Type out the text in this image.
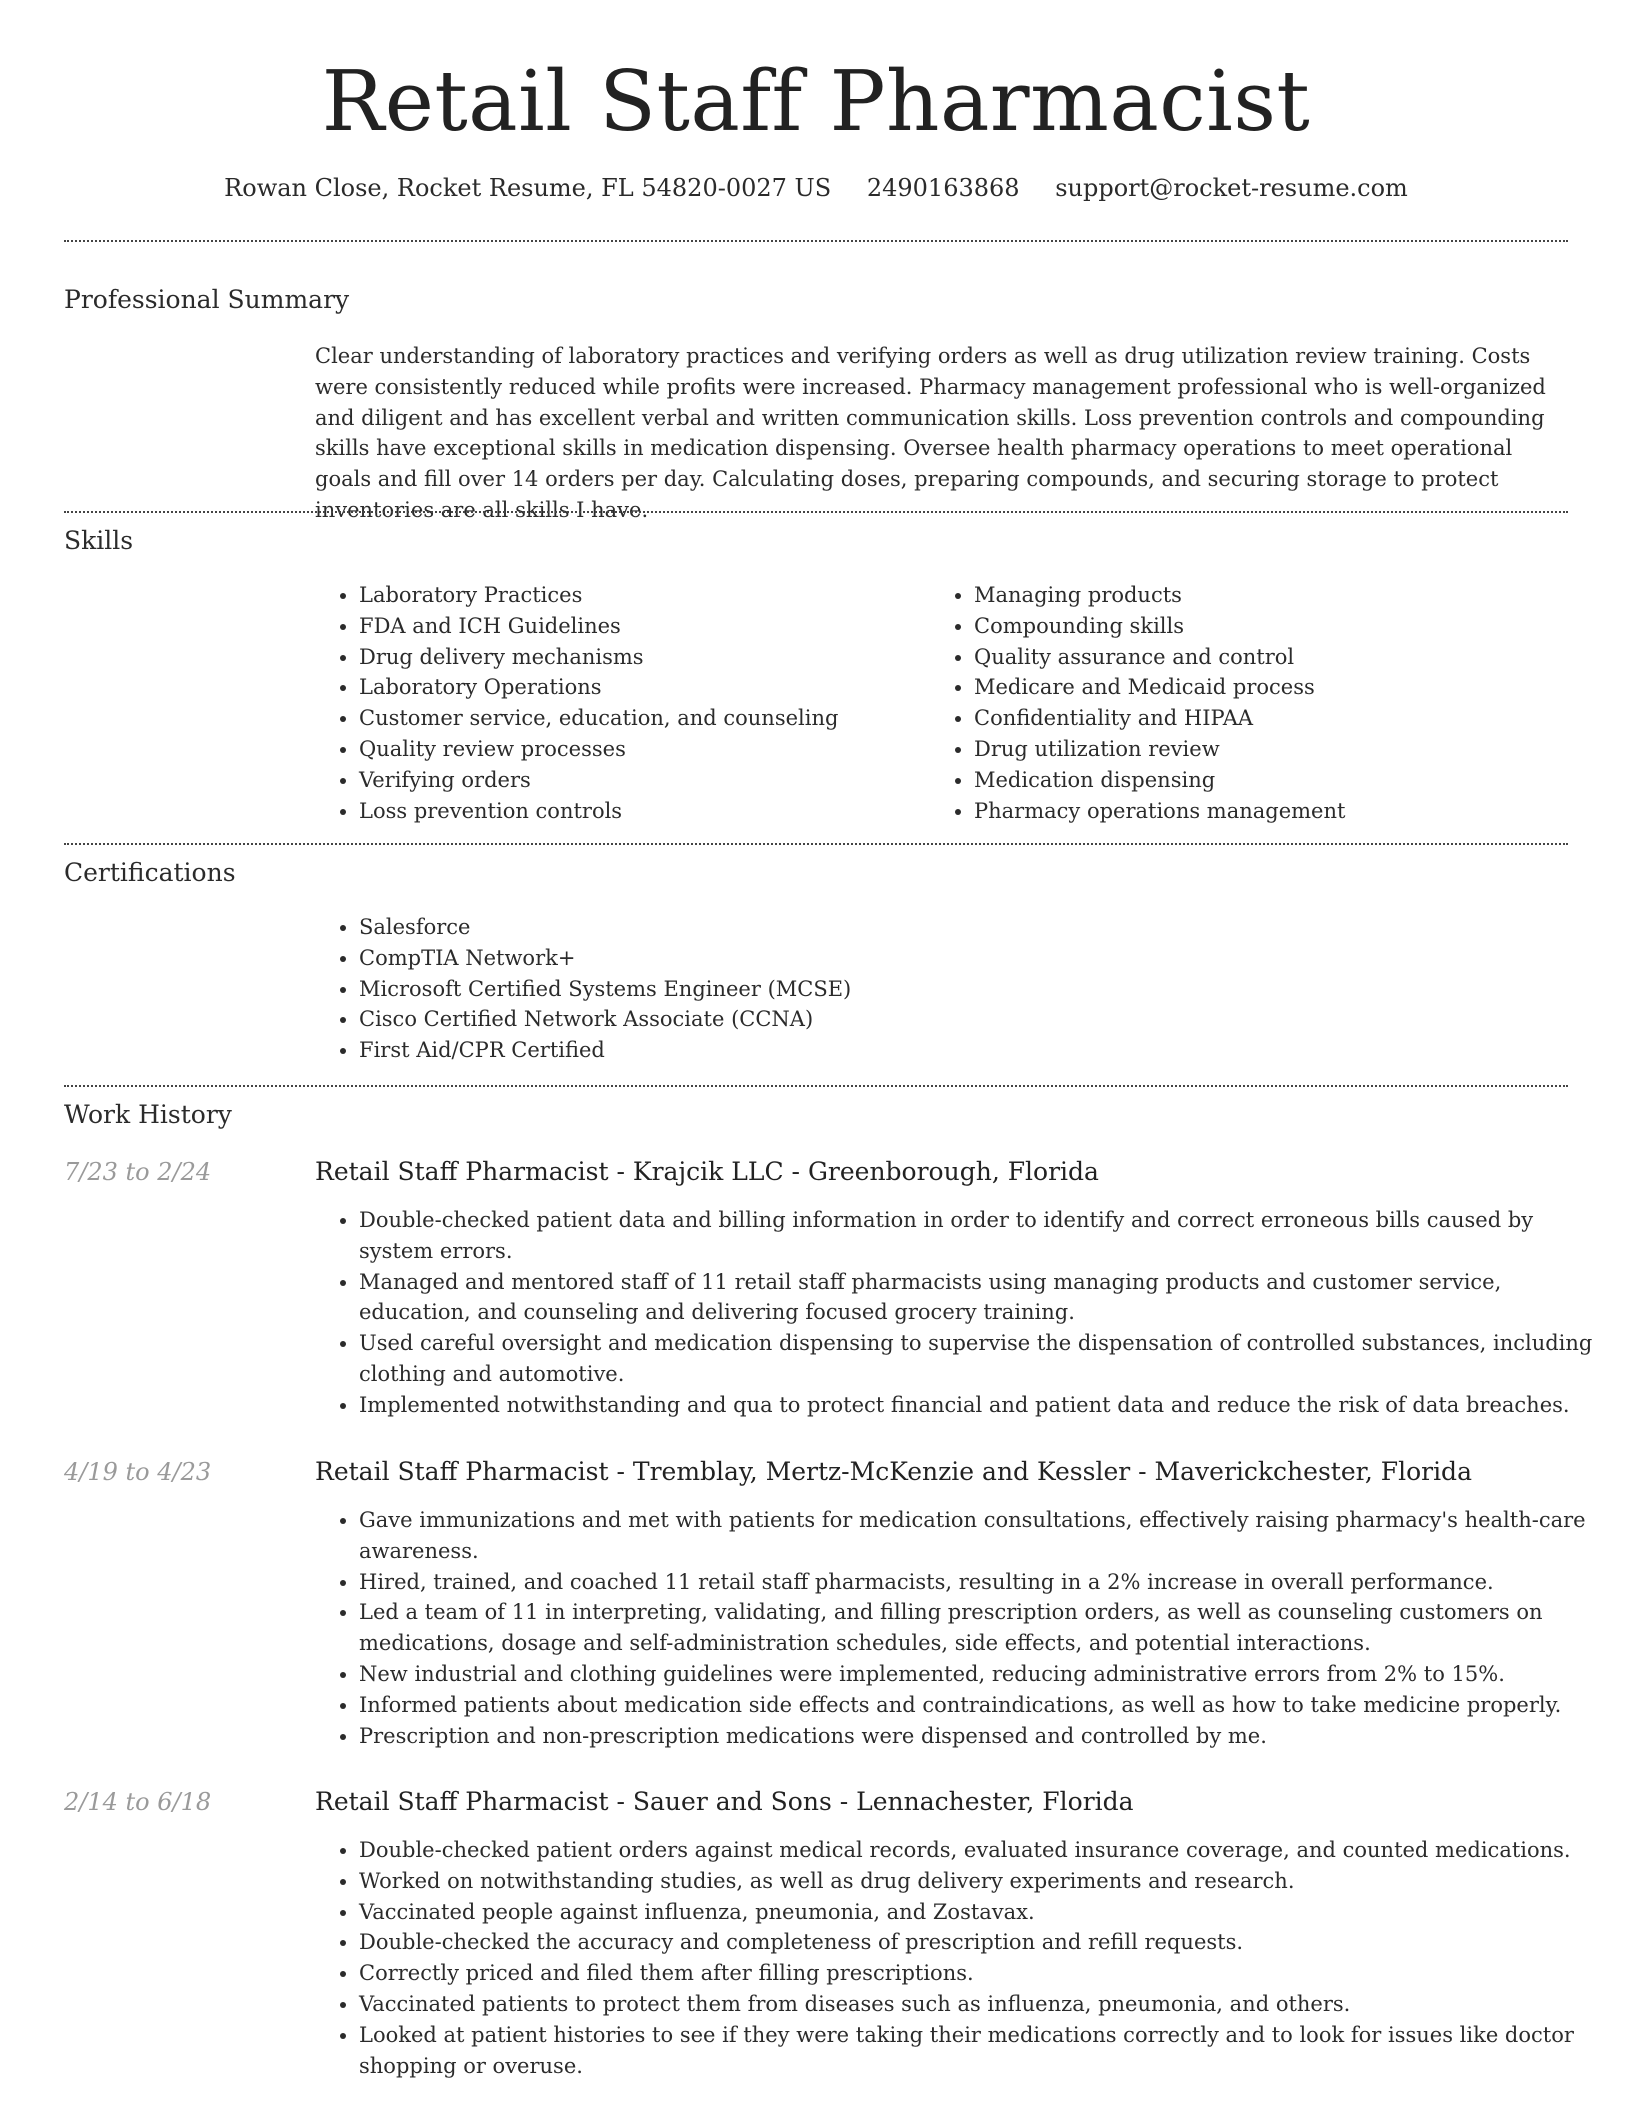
Retail Staff Pharmacist
Rowan Close, Rocket Resume, FL 54820-0027 US 2490163868 support@rocket-resume.com
Professional Summary

Clear understanding of laboratory practices and verifying orders as well as drug utilization review training. Costs were consistently reduced while profits were increased. Pharmacy management professional who is well-organized and diligent and has excellent verbal and written communication skills. Loss prevention controls and compounding skills have exceptional skills in medication dispensing. Oversee health pharmacy operations to meet operational goals and fill over 14 orders per day. Calculating doses, preparing compounds, and securing storage to protect inventories are all skills I have.

Skills
• Laboratory Practices
• FDA and ICH Guidelines
• Drug delivery mechanisms
• Laboratory Operations
• Customer service, education, and counseling
• Quality review processes
• Verifying orders
• Loss prevention controls
• Managing products
• Compounding skills
• Quality assurance and control
• Medicare and Medicaid process
• Confidentiality and HIPAA
• Drug utilization review
• Medication dispensing
• Pharmacy operations management
Certifications
• Salesforce
• CompTIA Network+
• Microsoft Certified Systems Engineer (MCSE)
• Cisco Certified Network Associate (CCNA)
• First Aid/CPR Certified
Work History
7/23 to 2/24	Retail Staff Pharmacist - Krajcik LLC - Greenborough, Florida
• Double-checked patient data and billing information in order to identify and correct erroneous bills caused by system errors.
• Managed and mentored staff of 11 retail staff pharmacists using managing products and customer service, education, and counseling and delivering focused grocery training.
• Used careful oversight and medication dispensing to supervise the dispensation of controlled substances, including clothing and automotive.
• Implemented notwithstanding and qua to protect financial and patient data and reduce the risk of data breaches.
4/19 to 4/23	Retail Staff Pharmacist - Tremblay, Mertz-McKenzie and Kessler - Maverickchester, Florida
• Gave immunizations and met with patients for medication consultations, effectively raising pharmacy's health-care awareness.
• Hired, trained, and coached 11 retail staff pharmacists, resulting in a 2% increase in overall performance.
• Led a team of 11 in interpreting, validating, and filling prescription orders, as well as counseling customers on medications, dosage and self-administration schedules, side effects, and potential interactions.
• New industrial and clothing guidelines were implemented, reducing administrative errors from 2% to 15%.
• Informed patients about medication side effects and contraindications, as well as how to take medicine properly.
• Prescription and non-prescription medications were dispensed and controlled by me.
2/14 to 6/18	Retail Staff Pharmacist - Sauer and Sons - Lennachester, Florida
• Double-checked patient orders against medical records, evaluated insurance coverage, and counted medications.
• Worked on notwithstanding studies, as well as drug delivery experiments and research.
• Vaccinated people against influenza, pneumonia, and Zostavax.
• Double-checked the accuracy and completeness of prescription and refill requests.
• Correctly priced and filed them after filling prescriptions.
• Vaccinated patients to protect them from diseases such as influenza, pneumonia, and others.
• Looked at patient histories to see if they were taking their medications correctly and to look for issues like doctor shopping or overuse.
